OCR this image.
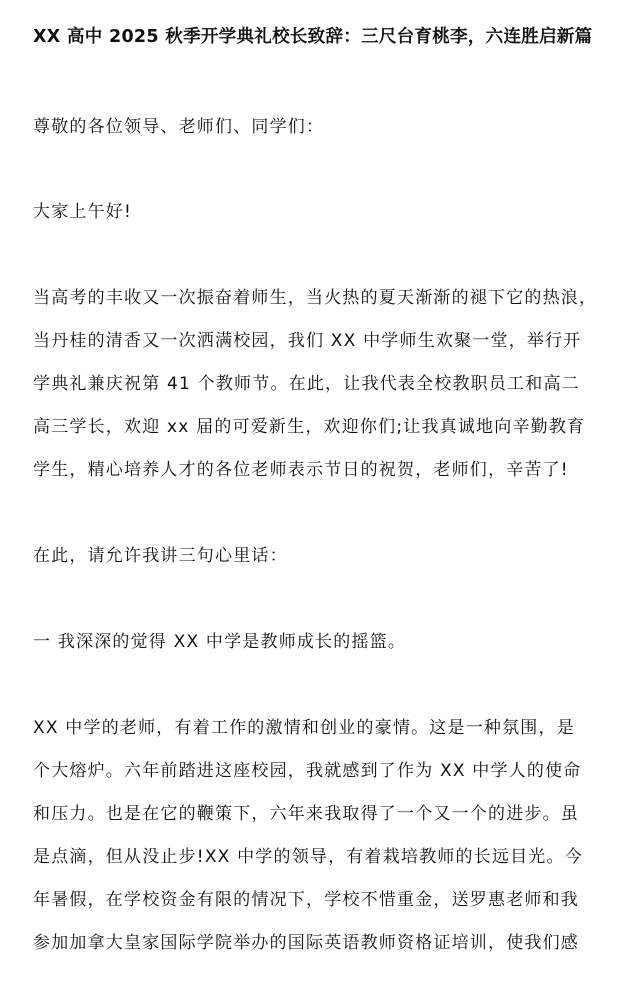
XX 高中 2025 秋季开学典礼校长致辞：三尺台育桃李，六连胜启新篇
尊敬的各位领导、老师们、同学们：
大家上午好!
当高考的丰收又一次振奋着师生，当火热的夏天渐渐的褪下它的热浪，
当丹桂的清香又一次洒满校园，我们 XX 中学师生欢聚一堂，举行开
学典礼兼庆祝第 41 个教师节。在此，让我代表全校教职员工和高二
高三学长，欢迎 xx 届的可爱新生，欢迎你们;让我真诚地向辛勤教育
学生，精心培养人才的各位老师表示节日的祝贺，老师们，辛苦了!
在此，请允许我讲三句心里话：
一 我深深的觉得 XX 中学是教师成长的摇篮。
XX 中学的老师，有着工作的激情和创业的豪情。这是一种氛围，是
个大熔炉。六年前踏进这座校园，我就感到了作为 XX 中学人的使命
和压力。也是在它的鞭策下，六年来我取得了一个又一个的进步。虽
是点滴，但从没止步!XX 中学的领导，有着栽培教师的长远目光。今
年暑假，在学校资金有限的情况下，学校不惜重金，送罗惠老师和我
参加加拿大皇家国际学院举办的国际英语教师资格证培训，使我们感
